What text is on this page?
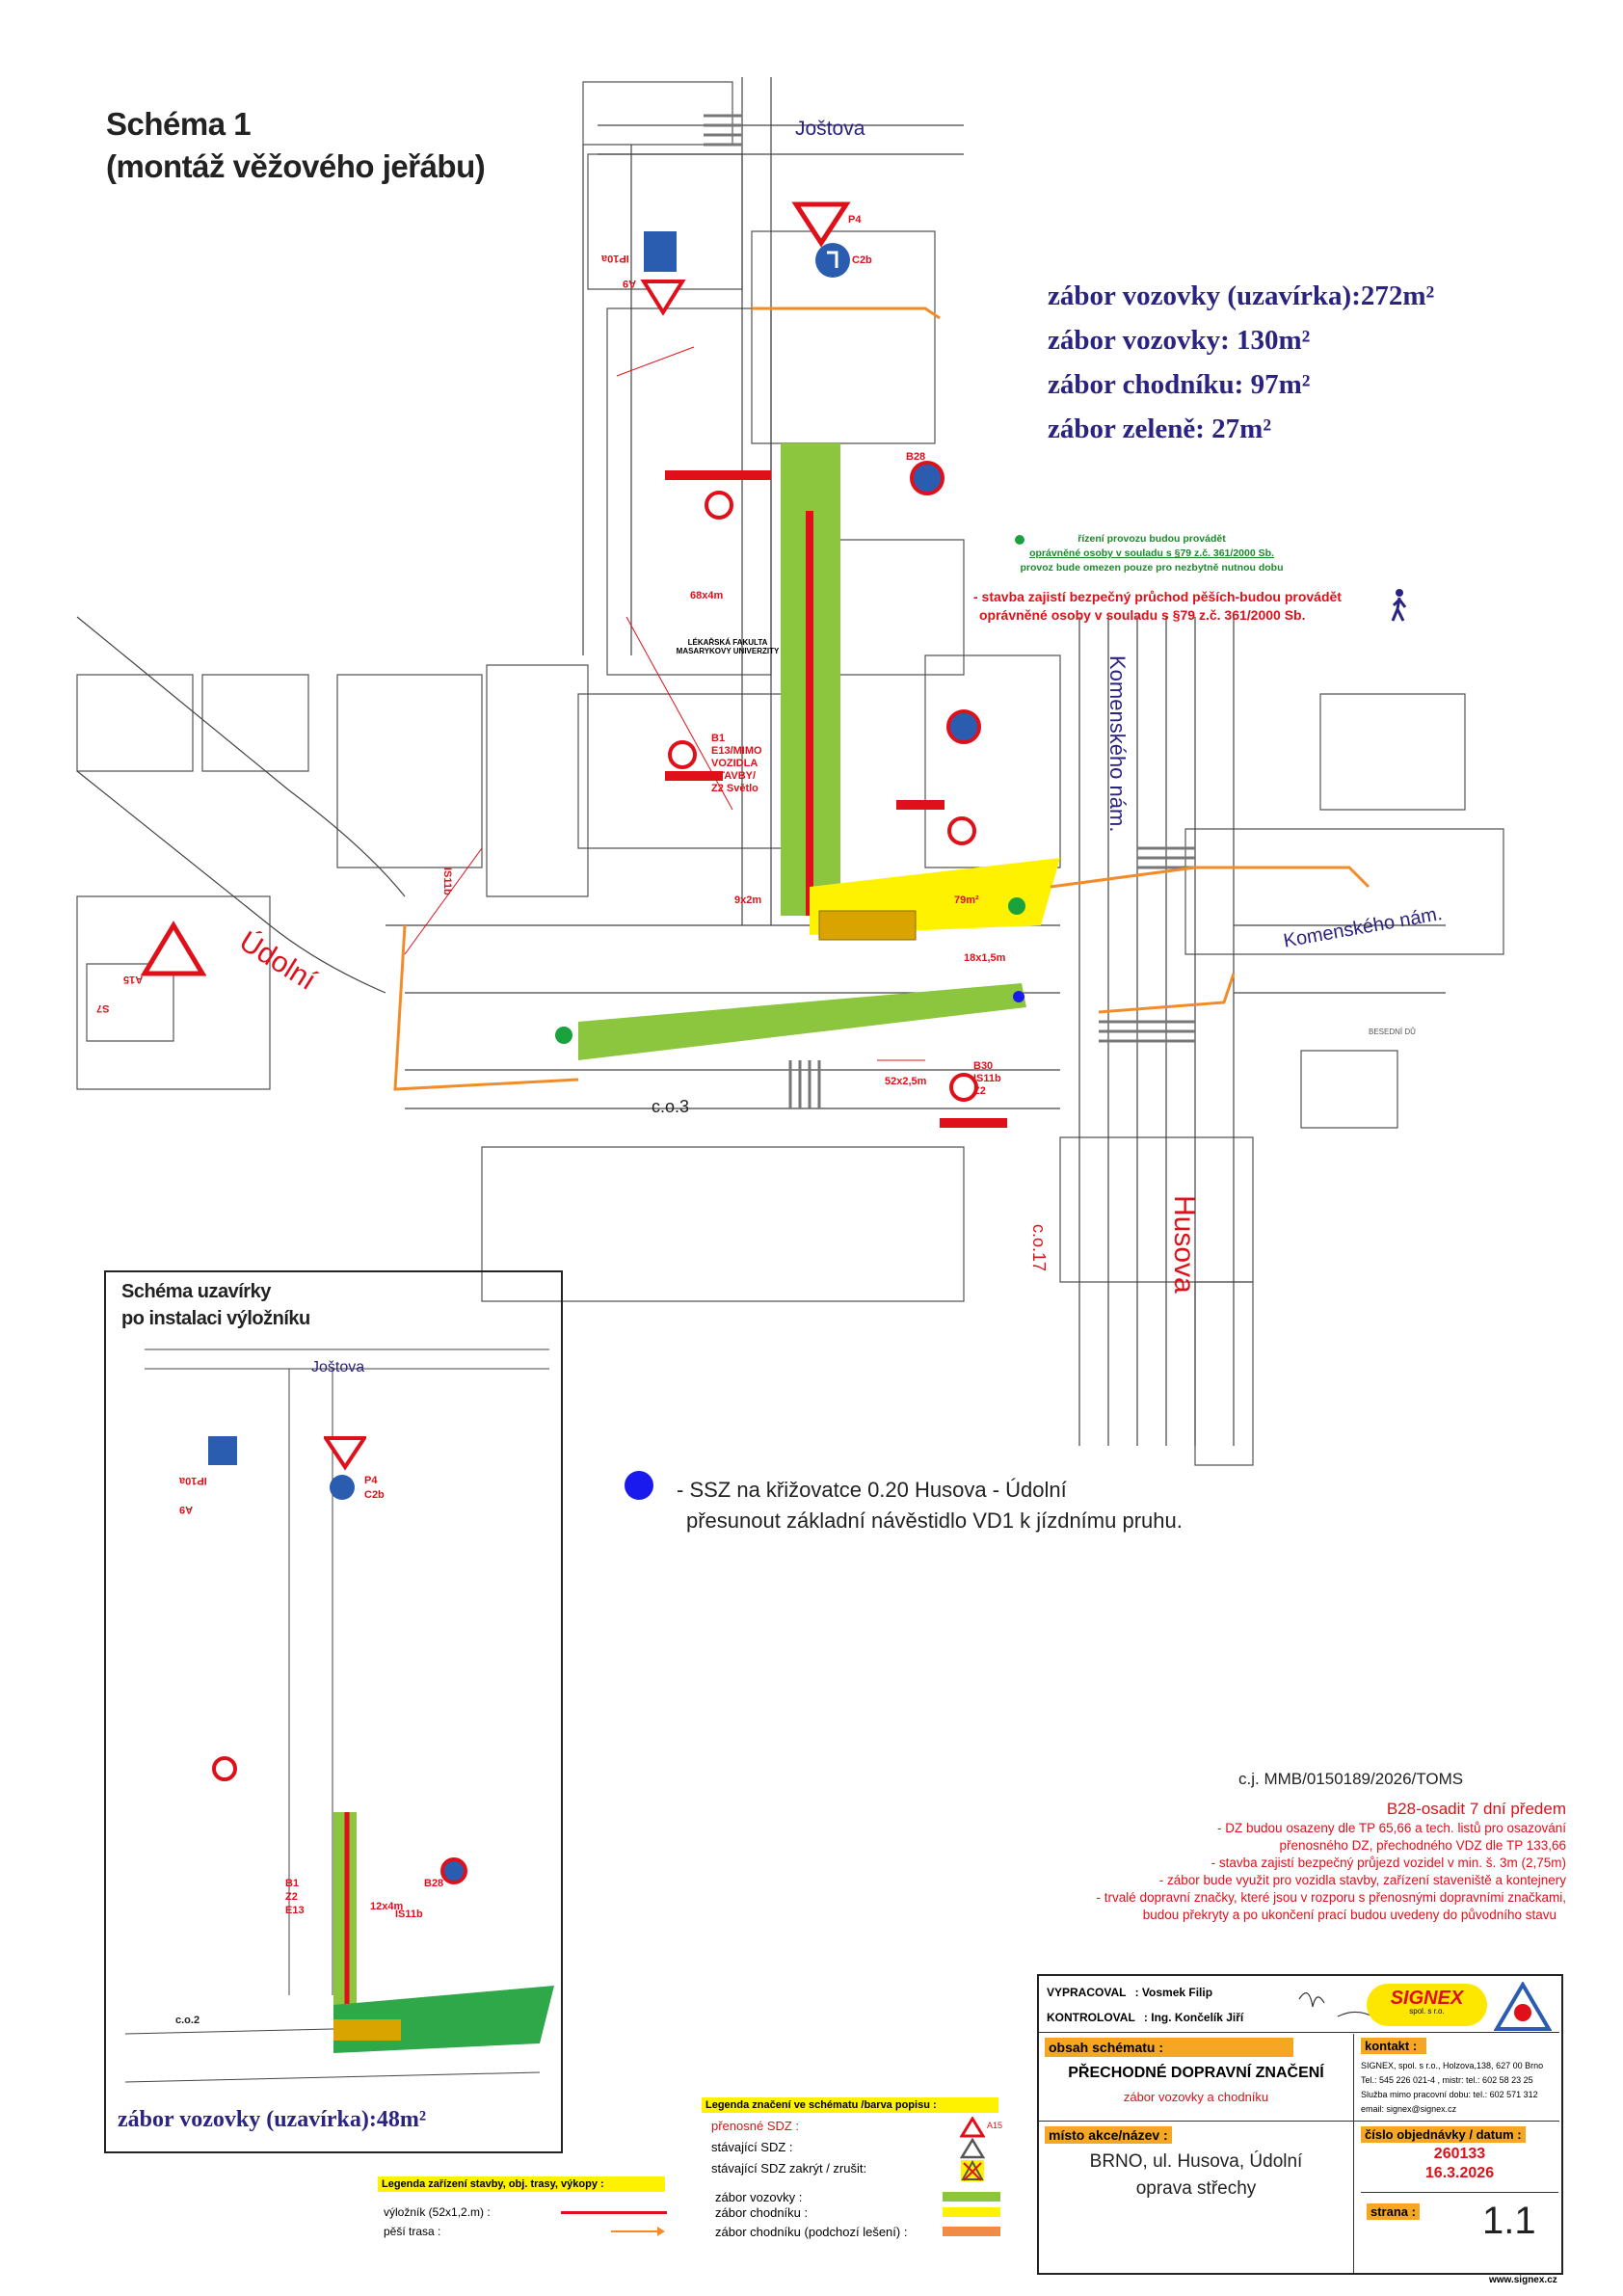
Schéma 1
(montáž věžového jeřábu)
zábor vozovky (uzavírka):272m²
zábor vozovky: 130m²
zábor chodníku: 97m²
zábor zeleně: 27m²
Joštova
Údolní
Komenského nám.
Komenského nám.
Husova
c.o.3
c.o.17
LÉKAŘSKÁ FAKULTA MASARYKOVY UNIVERZITY
BESEDNÍ DŮ
68x4m
9x2m	79m²
18x1,5m
52x2,5m
P4
C2b
A9
IP10a
A15
S7
B1 E13/MIMO VOZIDLA STAVBY/ Z2 Světlo
B28
B30 IS11b Z2
IS11b
řízení provozu budou provádět
oprávněné osoby v souladu s §79 z.č. 361/2000 Sb.
provoz bude omezen pouze pro nezbytně nutnou dobu
- stavba zajistí bezpečný průchod pěších-budou provádět
oprávněné osoby v souladu s §79 z.č. 361/2000 Sb.
- SSZ na křižovatce 0.20 Husova - Údolní
přesunout základní návěstidlo VD1 k jízdnímu pruhu.
Schéma uzavírky
po instalaci výložníku
Joštova
P4
C2b
A9
IP10a
B28
IS11b
B1
Z2
E13	12x4m
c.o.2
zábor vozovky (uzavírka):48m²
c.j. MMB/0150189/2026/TOMS
B28-osadit 7 dní předem
- DZ budou osazeny dle TP 65,66 a tech. listů pro osazování
přenosného DZ, přechodného VDZ dle TP 133,66
- stavba zajistí bezpečný průjezd vozidel v min. š. 3m (2,75m)
- zábor bude využit pro vozidla stavby, zařízení staveniště a kontejnery
- trvalé dopravní značky, které jsou v rozporu s přenosnými dopravními značkami,
budou překryty a po ukončení prací budou uvedeny do původního stavu
Legenda značení ve schématu /barva popisu :
přenosné SDZ :	A15
stávající SDZ :
stávající SDZ zakrýt / zrušit:
zábor vozovky :
zábor chodníku :
zábor chodníku (podchozí lešení) :
Legenda zařízení stavby, obj. trasy, výkopy :
výložník (52x1,2.m) :
pěší trasa :
VYPRACOVAL : Vosmek Filip
KONTROLOVAL : Ing. Končelík Jiří
SIGNEX
spol. s r.o.
obsah schématu :
PŘECHODNÉ DOPRAVNÍ ZNAČENÍ
zábor vozovky a chodníku
kontakt :
SIGNEX, spol. s r.o., Holzova,138, 627 00 Brno
Tel.: 545 226 021-4 , mistr: tel.: 602 58 23 25
Služba mimo pracovní dobu: tel.: 602 571 312
email: signex@signex.cz
místo akce/název :
BRNO, ul. Husova, Údolní
oprava střechy
číslo objednávky / datum :
260133
16.3.2026
strana : 1.1
www.signex.cz
